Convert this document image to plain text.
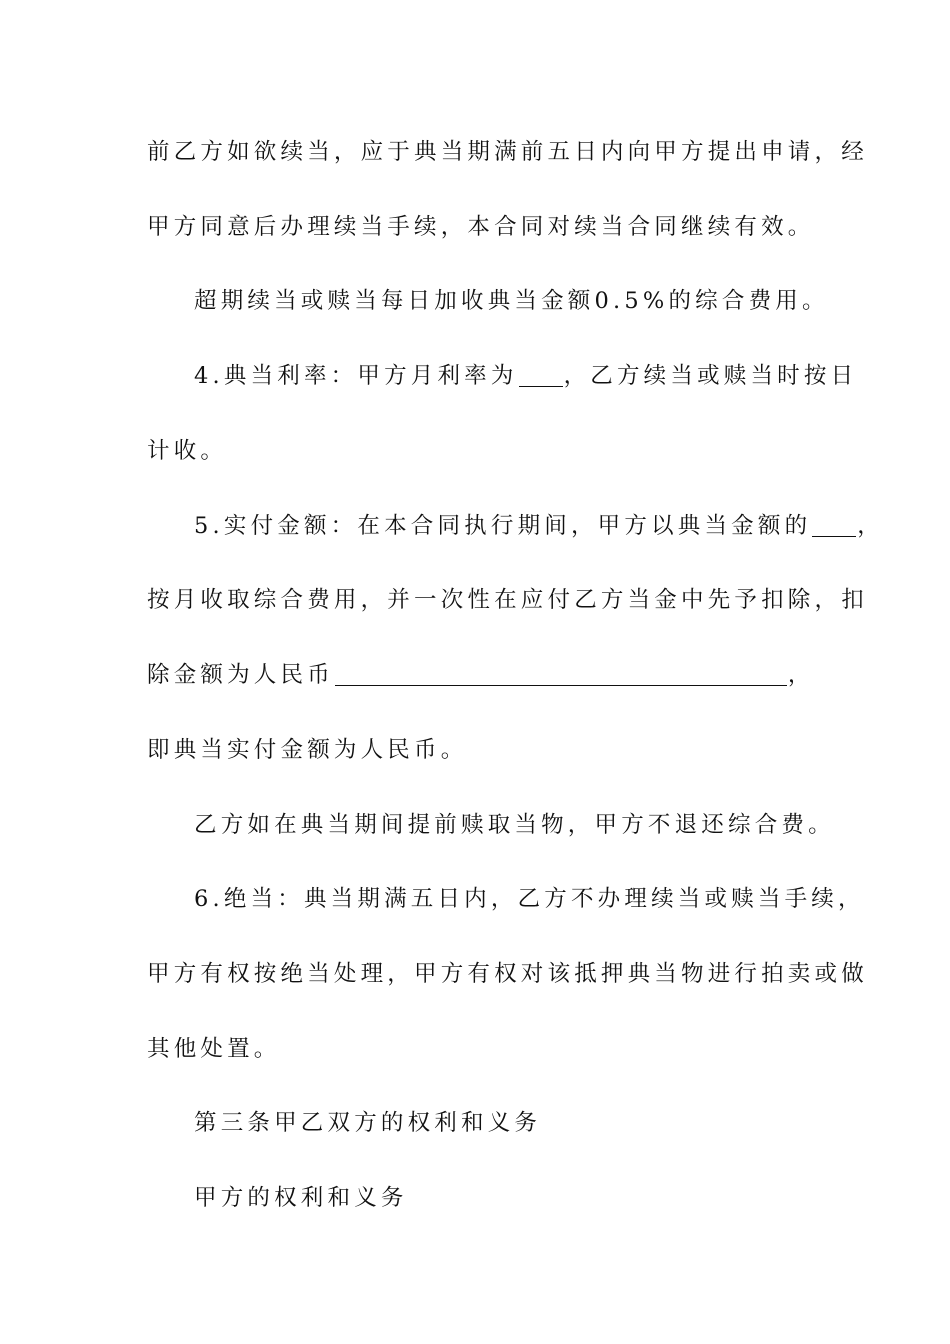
前乙方如欲续当，应于典当期满前五日内向甲方提出申请，经
甲方同意后办理续当手续，本合同对续当合同继续有效。
超期续当或赎当每日加收典当金额0.5%的综合费用。
4.典当利率：甲方月利率为 ，乙方续当或赎当时按日
计收。
5.实付金额：在本合同执行期间，甲方以典当金额的 ，
按月收取综合费用，并一次性在应付乙方当金中先予扣除，扣
除金额为人民币	，
即典当实付金额为人民币。
乙方如在典当期间提前赎取当物，甲方不退还综合费。
6.绝当：典当期满五日内，乙方不办理续当或赎当手续，
甲方有权按绝当处理，甲方有权对该抵押典当物进行拍卖或做
其他处置。
第三条甲乙双方的权利和义务
甲方的权利和义务
